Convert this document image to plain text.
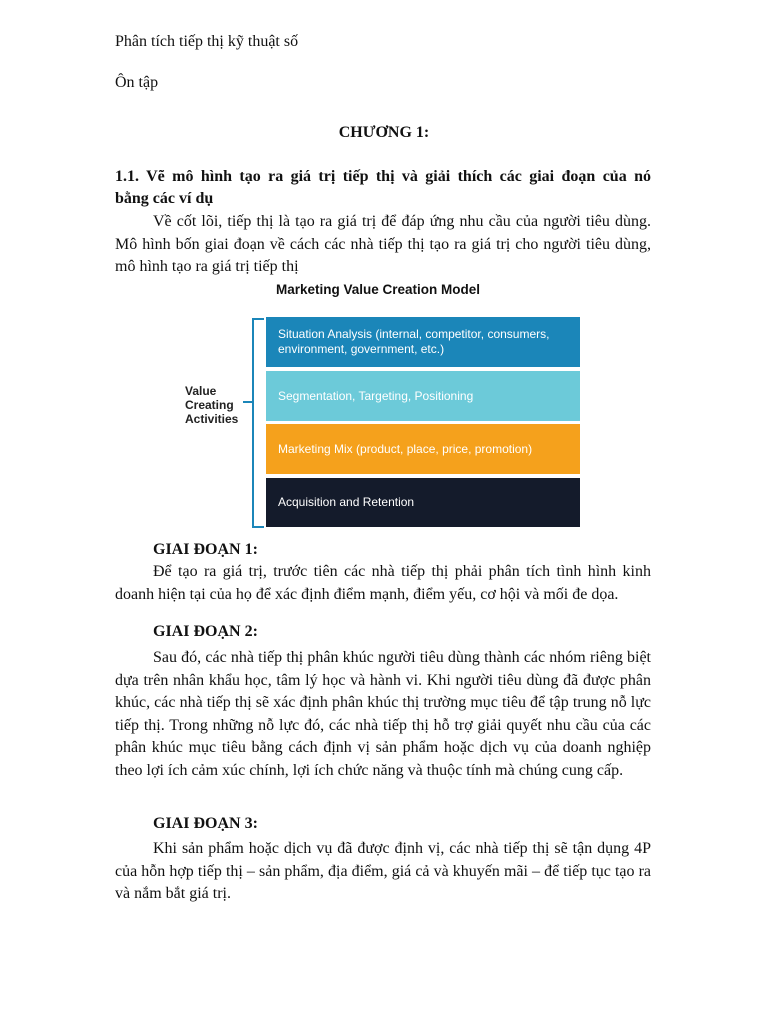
Phân tích tiếp thị kỹ thuật số
Ôn tập
CHƯƠNG 1:
1.1. Vẽ mô hình tạo ra giá trị tiếp thị và giải thích các giai đoạn của nó
bằng các ví dụ
Về cốt lõi, tiếp thị là tạo ra giá trị để đáp ứng nhu cầu của người tiêu dùng. Mô hình bốn giai đoạn về cách các nhà tiếp thị tạo ra giá trị cho người tiêu dùng, mô hình tạo ra giá trị tiếp thị
Marketing Value Creation Model
Value Creating Activities
Situation Analysis (internal, competitor, consumers, environment, government, etc.)
Segmentation, Targeting, Positioning
Marketing Mix (product, place, price, promotion)
Acquisition and Retention
GIAI ĐOẠN 1:
Để tạo ra giá trị, trước tiên các nhà tiếp thị phải phân tích tình hình kinh doanh hiện tại của họ để xác định điểm mạnh, điểm yếu, cơ hội và mối đe dọa.
GIAI ĐOẠN 2:
Sau đó, các nhà tiếp thị phân khúc người tiêu dùng thành các nhóm riêng biệt dựa trên nhân khẩu học, tâm lý học và hành vi. Khi người tiêu dùng đã được phân khúc, các nhà tiếp thị sẽ xác định phân khúc thị trường mục tiêu để tập trung nỗ lực tiếp thị. Trong những nỗ lực đó, các nhà tiếp thị hỗ trợ giải quyết nhu cầu của các phân khúc mục tiêu bằng cách định vị sản phẩm hoặc dịch vụ của doanh nghiệp theo lợi ích cảm xúc chính, lợi ích chức năng và thuộc tính mà chúng cung cấp.
GIAI ĐOẠN 3:
Khi sản phẩm hoặc dịch vụ đã được định vị, các nhà tiếp thị sẽ tận dụng 4P của hỗn hợp tiếp thị – sản phẩm, địa điểm, giá cả và khuyến mãi – để tiếp tục tạo ra và nắm bắt giá trị.
